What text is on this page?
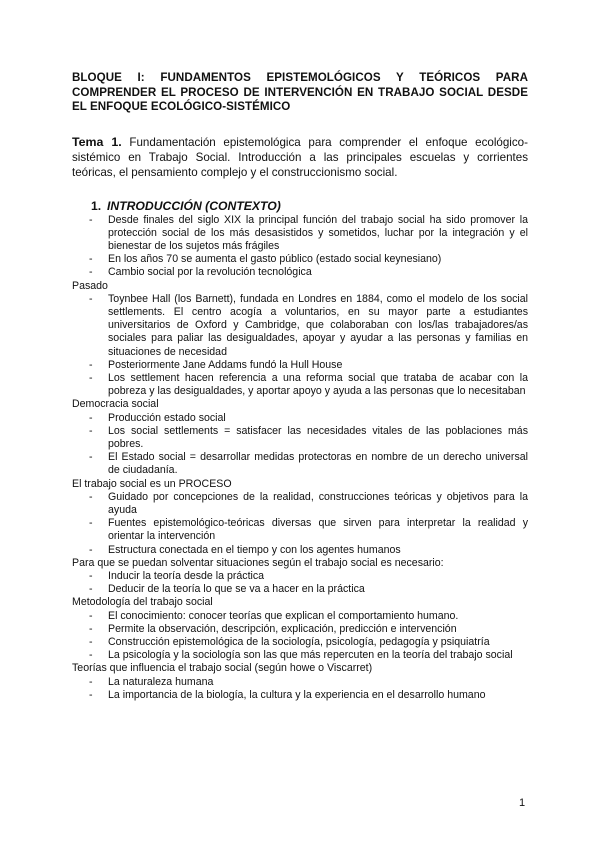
BLOQUE I: FUNDAMENTOS EPISTEMOLÓGICOS Y TEÓRICOS PARA COMPRENDER EL PROCESO DE INTERVENCIÓN EN TRABAJO SOCIAL DESDE EL ENFOQUE ECOLÓGICO-SISTÉMICO

Tema 1. Fundamentación epistemológica para comprender el enfoque ecológico-sistémico en Trabajo Social. Introducción a las principales escuelas y corrientes teóricas, el pensamiento complejo y el construccionismo social.

1. INTRODUCCIÓN (CONTEXTO)
- Desde finales del siglo XIX la principal función del trabajo social ha sido promover la protección social de los más desasistidos y sometidos, luchar por la integración y el bienestar de los sujetos más frágiles
- En los años 70 se aumenta el gasto público (estado social keynesiano)
- Cambio social por la revolución tecnológica

Pasado

- Toynbee Hall (los Barnett), fundada en Londres en 1884, como el modelo de los social settlements. El centro acogía a voluntarios, en su mayor parte a estudiantes universitarios de Oxford y Cambridge, que colaboraban con los/las trabajadores/as sociales para paliar las desigualdades, apoyar y ayudar a las personas y familias en situaciones de necesidad
- Posteriormente Jane Addams fundó la Hull House
- Los settlement hacen referencia a una reforma social que trataba de acabar con la pobreza y las desigualdades, y aportar apoyo y ayuda a las personas que lo necesitaban

Democracia social

- Producción estado social
- Los social settlements = satisfacer las necesidades vitales de las poblaciones más pobres.
- El Estado social = desarrollar medidas protectoras en nombre de un derecho universal de ciudadanía.

El trabajo social es un PROCESO

- Guidado por concepciones de la realidad, construcciones teóricas y objetivos para la ayuda
- Fuentes epistemológico-teóricas diversas que sirven para interpretar la realidad y orientar la intervención
- Estructura conectada en el tiempo y con los agentes humanos

Para que se puedan solventar situaciones según el trabajo social es necesario:

- Inducir la teoría desde la práctica
- Deducir de la teoría lo que se va a hacer en la práctica

Metodología del trabajo social

- El conocimiento: conocer teorías que explican el comportamiento humano.
- Permite la observación, descripción, explicación, predicción e intervención
- Construcción epistemológica de la sociología, psicología, pedagogía y psiquiatría
- La psicología y la sociología son las que más repercuten en la teoría del trabajo social

Teorías que influencia el trabajo social (según howe o Viscarret)

- La naturaleza humana
- La importancia de la biología, la cultura y la experiencia en el desarrollo humano
1
